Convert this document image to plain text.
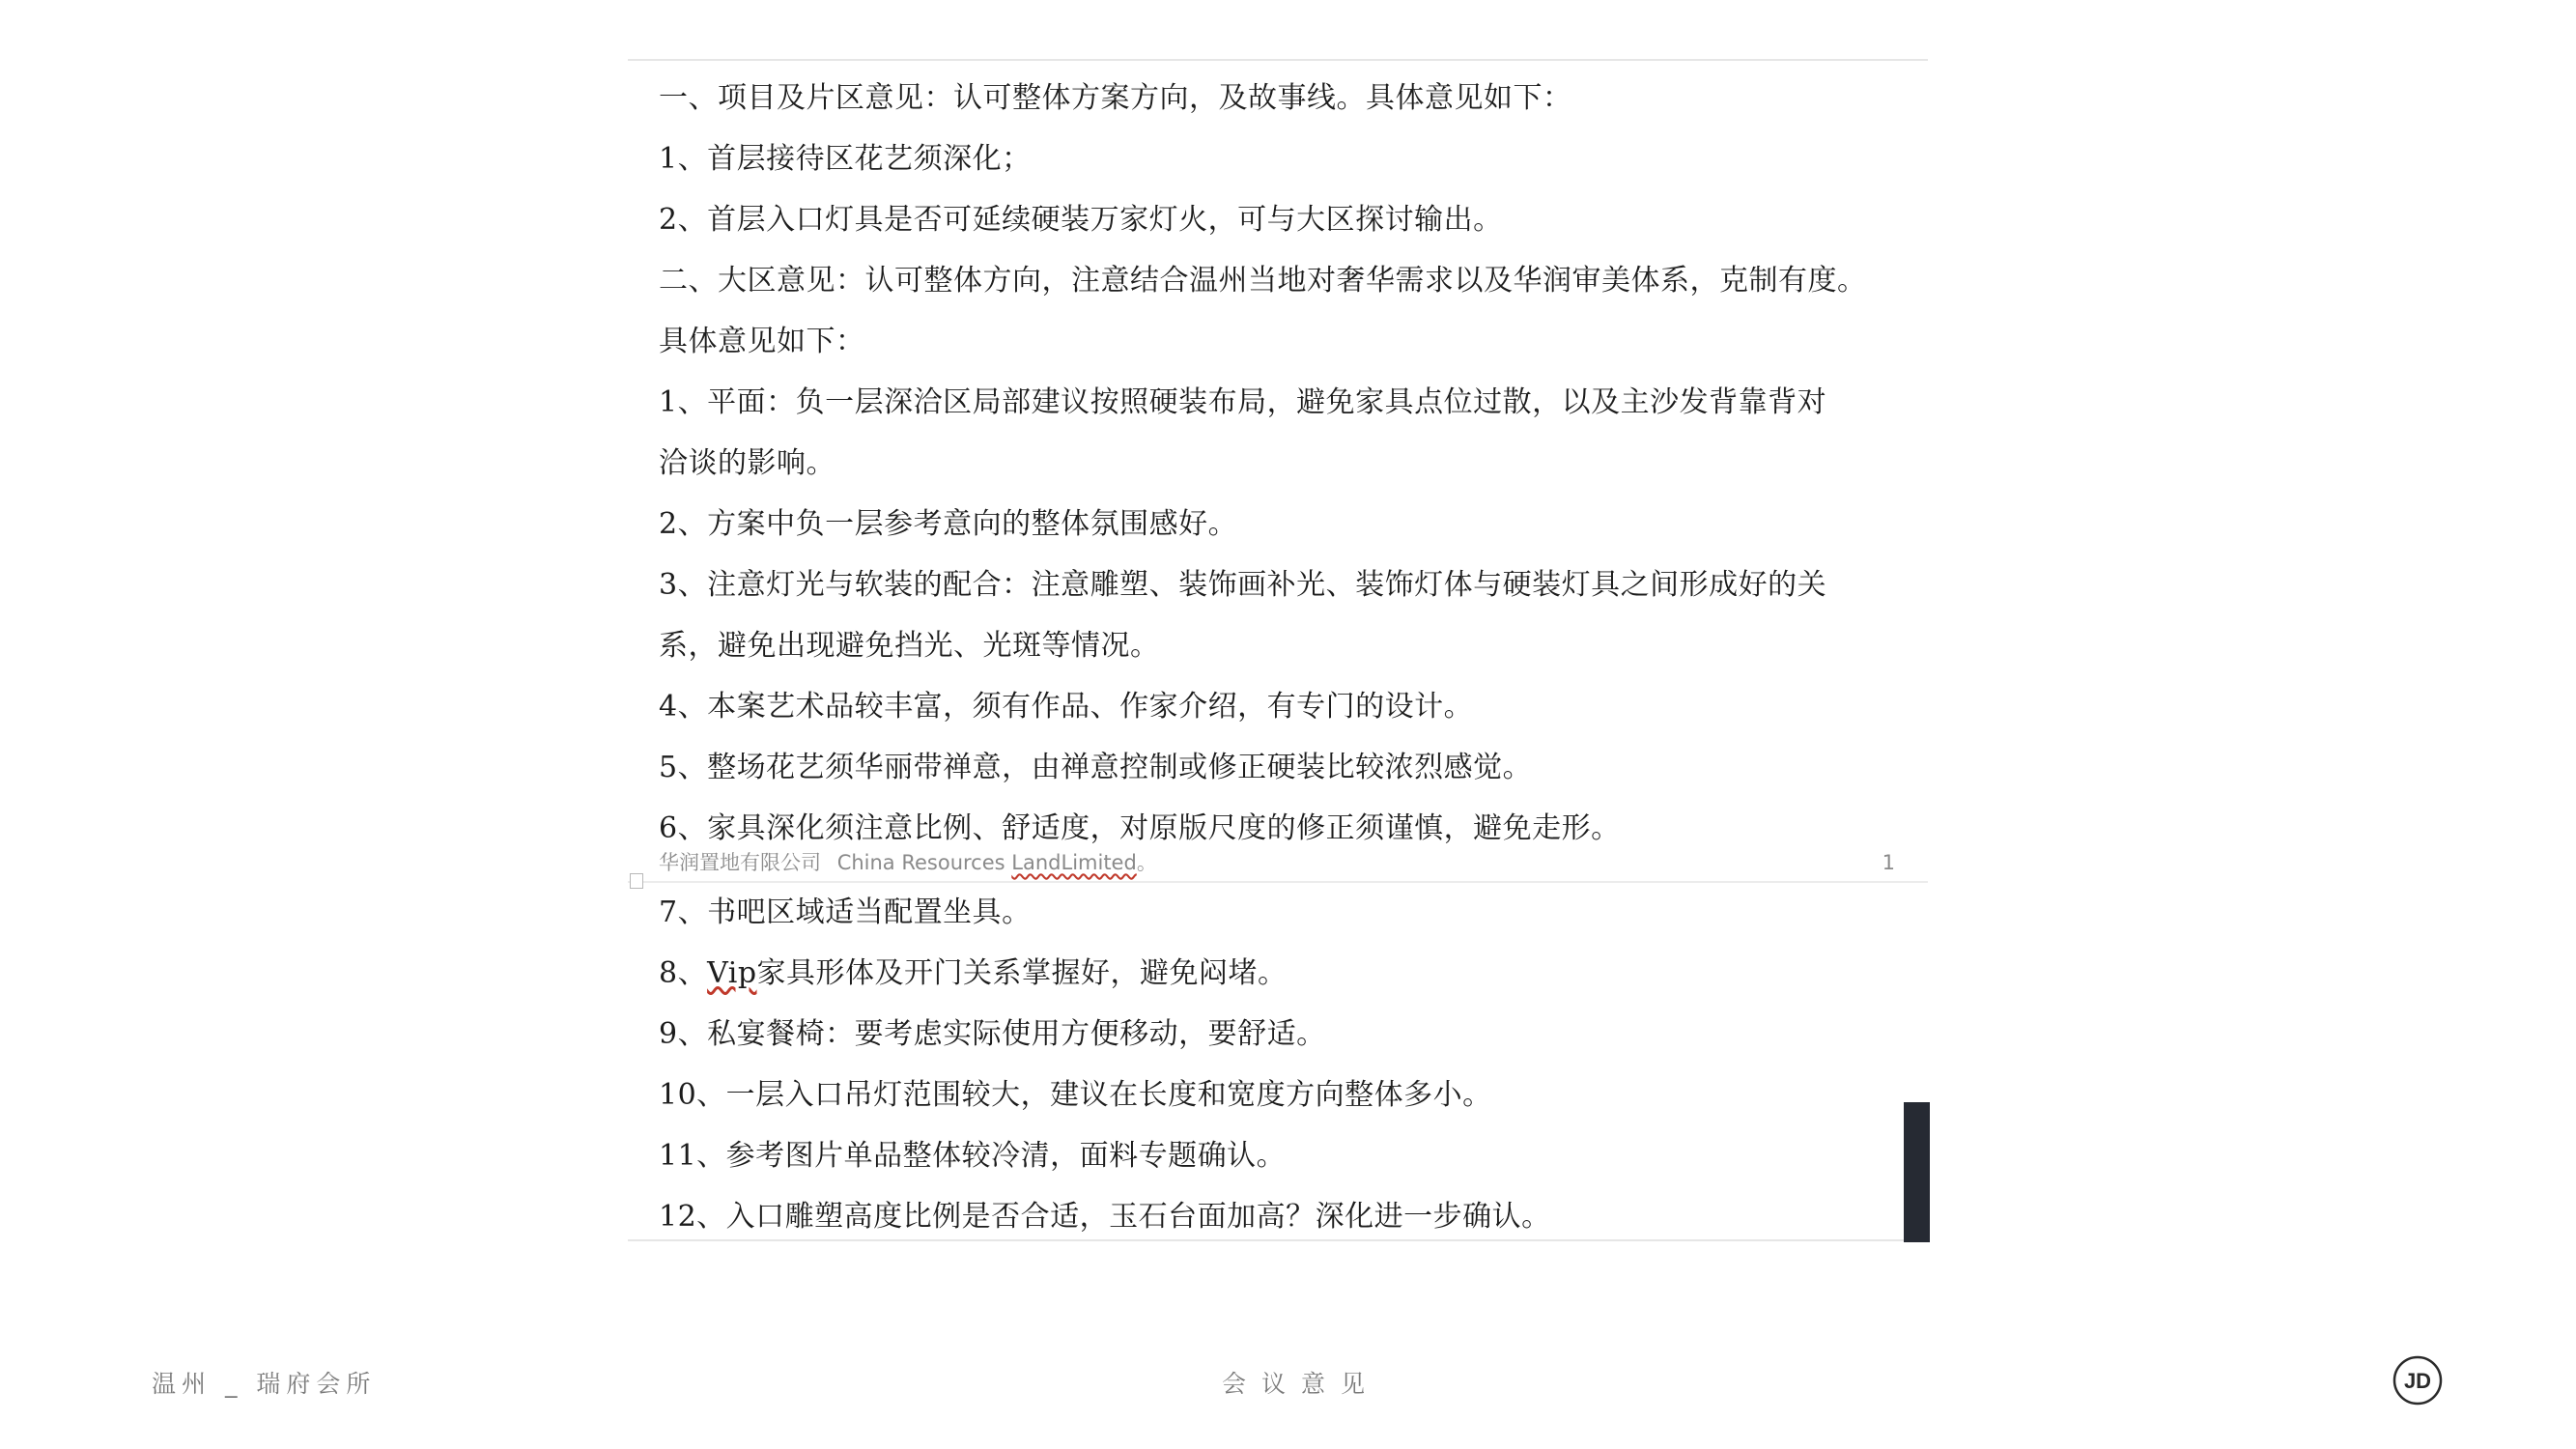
一、项目及片区意见：认可整体方案方向，及故事线。具体意见如下：
1、首层接待区花艺须深化；
2、首层入口灯具是否可延续硬装万家灯火，可与大区探讨输出。
二、大区意见：认可整体方向，注意结合温州当地对奢华需求以及华润审美体系，克制有度。
具体意见如下：
1、平面：负一层深洽区局部建议按照硬装布局，避免家具点位过散，以及主沙发背靠背对
洽谈的影响。
2、方案中负一层参考意向的整体氛围感好。
3、注意灯光与软装的配合：注意雕塑、装饰画补光、装饰灯体与硬装灯具之间形成好的关
系，避免出现避免挡光、光斑等情况。
4、本案艺术品较丰富，须有作品、作家介绍，有专门的设计。
5、整场花艺须华丽带禅意，由禅意控制或修正硬装比较浓烈感觉。
6、家具深化须注意比例、舒适度，对原版尺度的修正须谨慎，避免走形。
华润置地有限公司 China Resources LandLimited。	1
7、书吧区域适当配置坐具。
8、Vip家具形体及开门关系掌握好，避免闷堵。
9、私宴餐椅：要考虑实际使用方便移动，要舒适。
10、一层入口吊灯范围较大，建议在长度和宽度方向整体多小。
11、参考图片单品整体较冷清，面料专题确认。
12、入口雕塑高度比例是否合适，玉石台面加高？深化进一步确认。
温州 _ 瑞府会所	会议意见	JD
